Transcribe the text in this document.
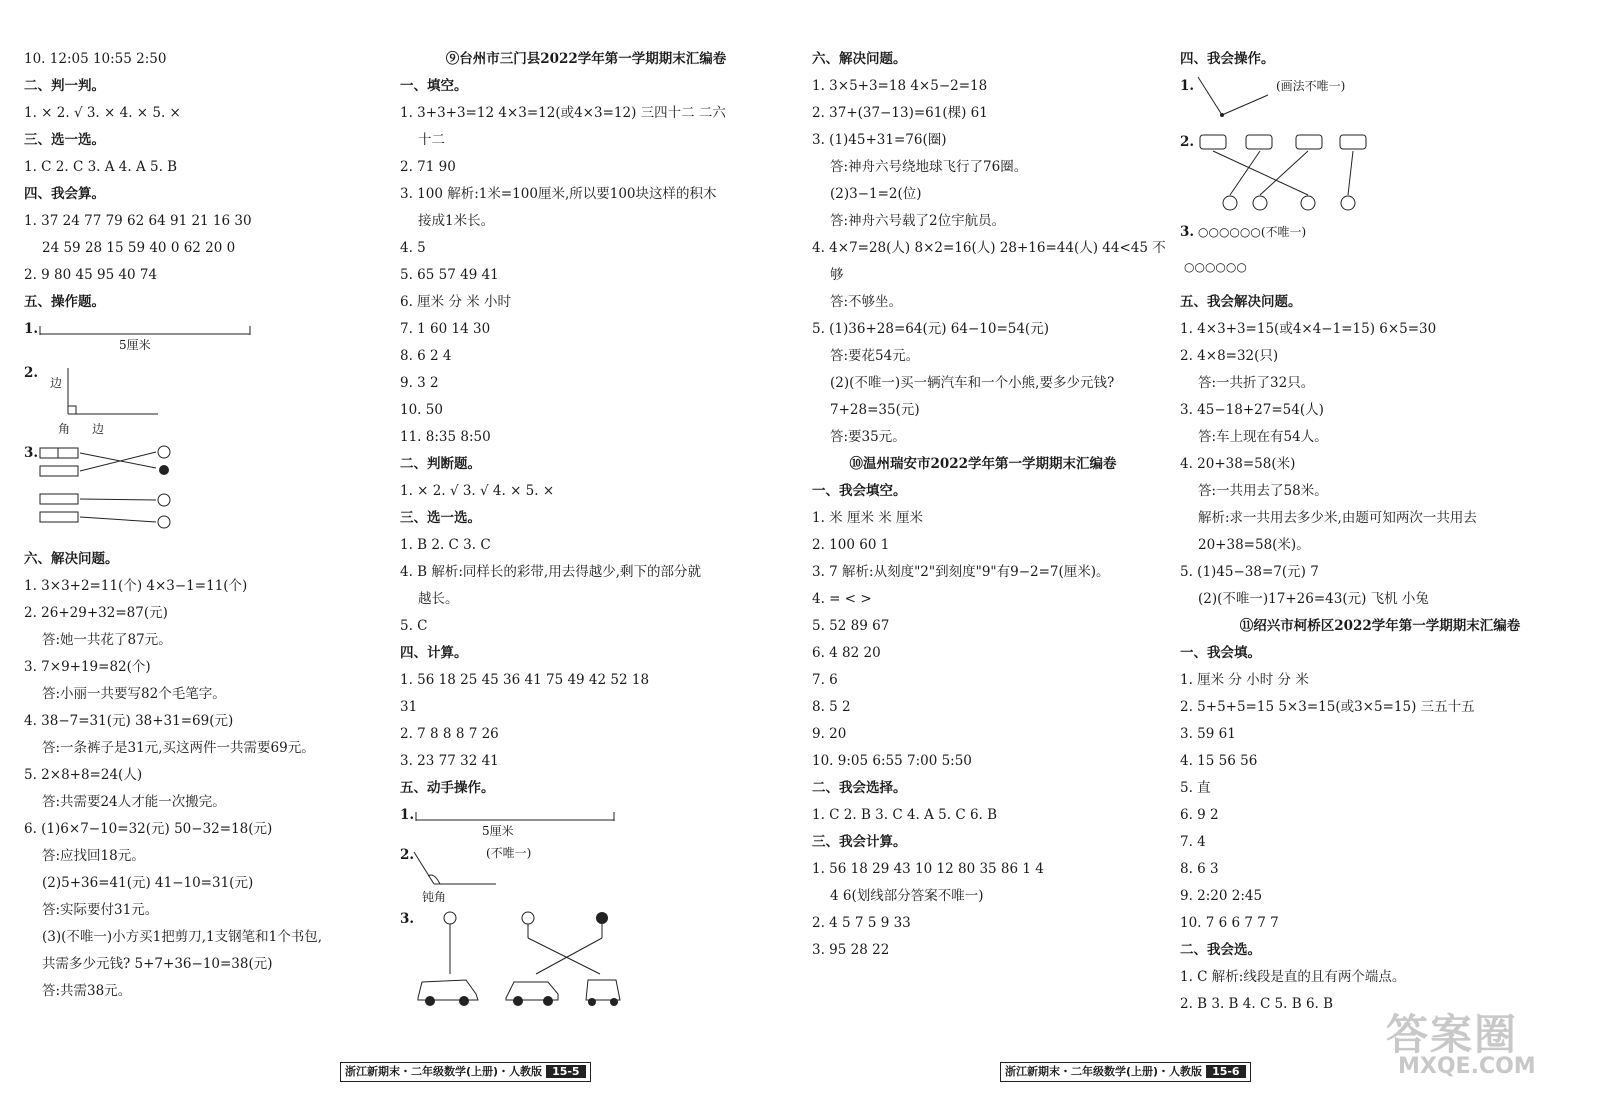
10. 12:05 10:55 2:50
二、判一判。
1. × 2. √ 3. × 4. × 5. ×
三、选一选。
1. C 2. C 3. A 4. A 5. B
四、我会算。
1. 37 24 77 79 62 64 91 21 16 30
24 59 28 15 59 40 0 62 20 0
2. 9 80 45 95 40 74
五、操作题。
1.
5厘米
2.
边
角 边
3.
六、解决问题。
1. 3×3+2=11(个) 4×3−1=11(个)
2. 26+29+32=87(元)
答:她一共花了87元。
3. 7×9+19=82(个)
答:小丽一共要写82个毛笔字。
4. 38−7=31(元) 38+31=69(元)
答:一条裤子是31元,买这两件一共需要69元。
5. 2×8+8=24(人)
答:共需要24人才能一次搬完。
6. (1)6×7−10=32(元) 50−32=18(元)
答:应找回18元。
(2)5+36=41(元) 41−10=31(元)
答:实际要付31元。
(3)(不唯一)小方买1把剪刀,1支钢笔和1个书包,
共需多少元钱? 5+7+36−10=38(元)
答:共需38元。
⑨台州市三门县2022学年第一学期期末汇编卷
一、填空。
1. 3+3+3=12 4×3=12(或4×3=12) 三四十二 二六
十二
2. 71 90
3. 100 解析:1米=100厘米,所以要100块这样的积木
接成1米长。
4. 5
5. 65 57 49 41
6. 厘米 分 米 小时
7. 1 60 14 30
8. 6 2 4
9. 3 2
10. 50
11. 8:35 8:50
二、判断题。
1. × 2. √ 3. √ 4. × 5. ×
三、选一选。
1. B 2. C 3. C
4. B 解析:同样长的彩带,用去得越少,剩下的部分就
越长。
5. C
四、计算。
1. 56 18 25 45 36 41 75 49 42 52 18
31
2. 7 8 8 8 7 26
3. 23 77 32 41
五、动手操作。
1.
5厘米
2.	(不唯一)
钝角
3.
六、解决问题。
1. 3×5+3=18 4×5−2=18
2. 37+(37−13)=61(棵) 61
3. (1)45+31=76(圈)
答:神舟六号绕地球飞行了76圈。
(2)3−1=2(位)
答:神舟六号载了2位宇航员。
4. 4×7=28(人) 8×2=16(人) 28+16=44(人) 44<45 不
够
答:不够坐。
5. (1)36+28=64(元) 64−10=54(元)
答:要花54元。
(2)(不唯一)买一辆汽车和一个小熊,要多少元钱?
7+28=35(元)
答:要35元。
⑩温州瑞安市2022学年第一学期期末汇编卷
一、我会填空。
1. 米 厘米 米 厘米
2. 100 60 1
3. 7 解析:从刻度"2"到刻度"9"有9−2=7(厘米)。
4. = < >
5. 52 89 67
6. 4 82 20
7. 6
8. 5 2
9. 20
10. 9:05 6:55 7:00 5:50
二、我会选择。
1. C 2. B 3. C 4. A 5. C 6. B
三、我会计算。
1. 56 18 29 43 10 12 80 35 86 1 4
4 6(划线部分答案不唯一)
2. 4 5 7 5 9 33
3. 95 28 22
四、我会操作。
1.	(画法不唯一)
2.
3. ○○○○○○(不唯一)
○○○○○○
五、我会解决问题。
1. 4×3+3=15(或4×4−1=15) 6×5=30
2. 4×8=32(只)
答:一共折了32只。
3. 45−18+27=54(人)
答:车上现在有54人。
4. 20+38=58(米)
答:一共用去了58米。
解析:求一共用去多少米,由题可知两次一共用去
20+38=58(米)。
5. (1)45−38=7(元) 7
(2)(不唯一)17+26=43(元) 飞机 小兔
⑪绍兴市柯桥区2022学年第一学期期末汇编卷
一、我会填。
1. 厘米 分 小时 分 米
2. 5+5+5=15 5×3=15(或3×5=15) 三五十五
3. 59 61
4. 15 56 56
5. 直
6. 9 2
7. 4
8. 6 3
9. 2:20 2:45
10. 7 6 6 7 7 7
二、我会选。
1. C 解析:线段是直的且有两个端点。
2. B 3. B 4. C 5. B 6. B
浙江新期末・二年级数学(上册)・人教版 15-5	浙江新期末・二年级数学(上册)・人教版 15-6
答案圈
MXQE.COM
